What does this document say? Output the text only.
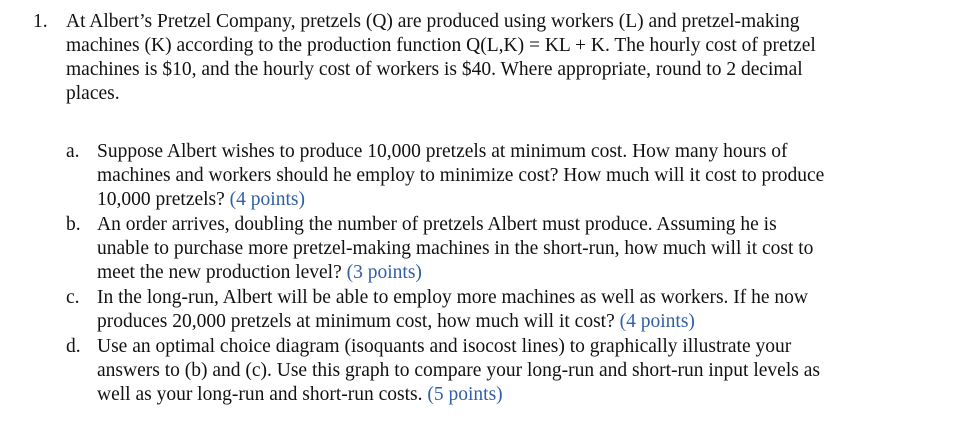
1. At Albert’s Pretzel Company, pretzels (Q) are produced using workers (L) and pretzel-making
machines (K) according to the production function Q(L,K) = KL + K. The hourly cost of pretzel
machines is $10, and the hourly cost of workers is $40. Where appropriate, round to 2 decimal
places.
a. Suppose Albert wishes to produce 10,000 pretzels at minimum cost. How many hours of
machines and workers should he employ to minimize cost? How much will it cost to produce
10,000 pretzels? (4 points)
b. An order arrives, doubling the number of pretzels Albert must produce. Assuming he is
unable to purchase more pretzel-making machines in the short-run, how much will it cost to
meet the new production level? (3 points)
c. In the long-run, Albert will be able to employ more machines as well as workers. If he now
produces 20,000 pretzels at minimum cost, how much will it cost? (4 points)
d. Use an optimal choice diagram (isoquants and isocost lines) to graphically illustrate your
answers to (b) and (c). Use this graph to compare your long-run and short-run input levels as
well as your long-run and short-run costs. (5 points)
